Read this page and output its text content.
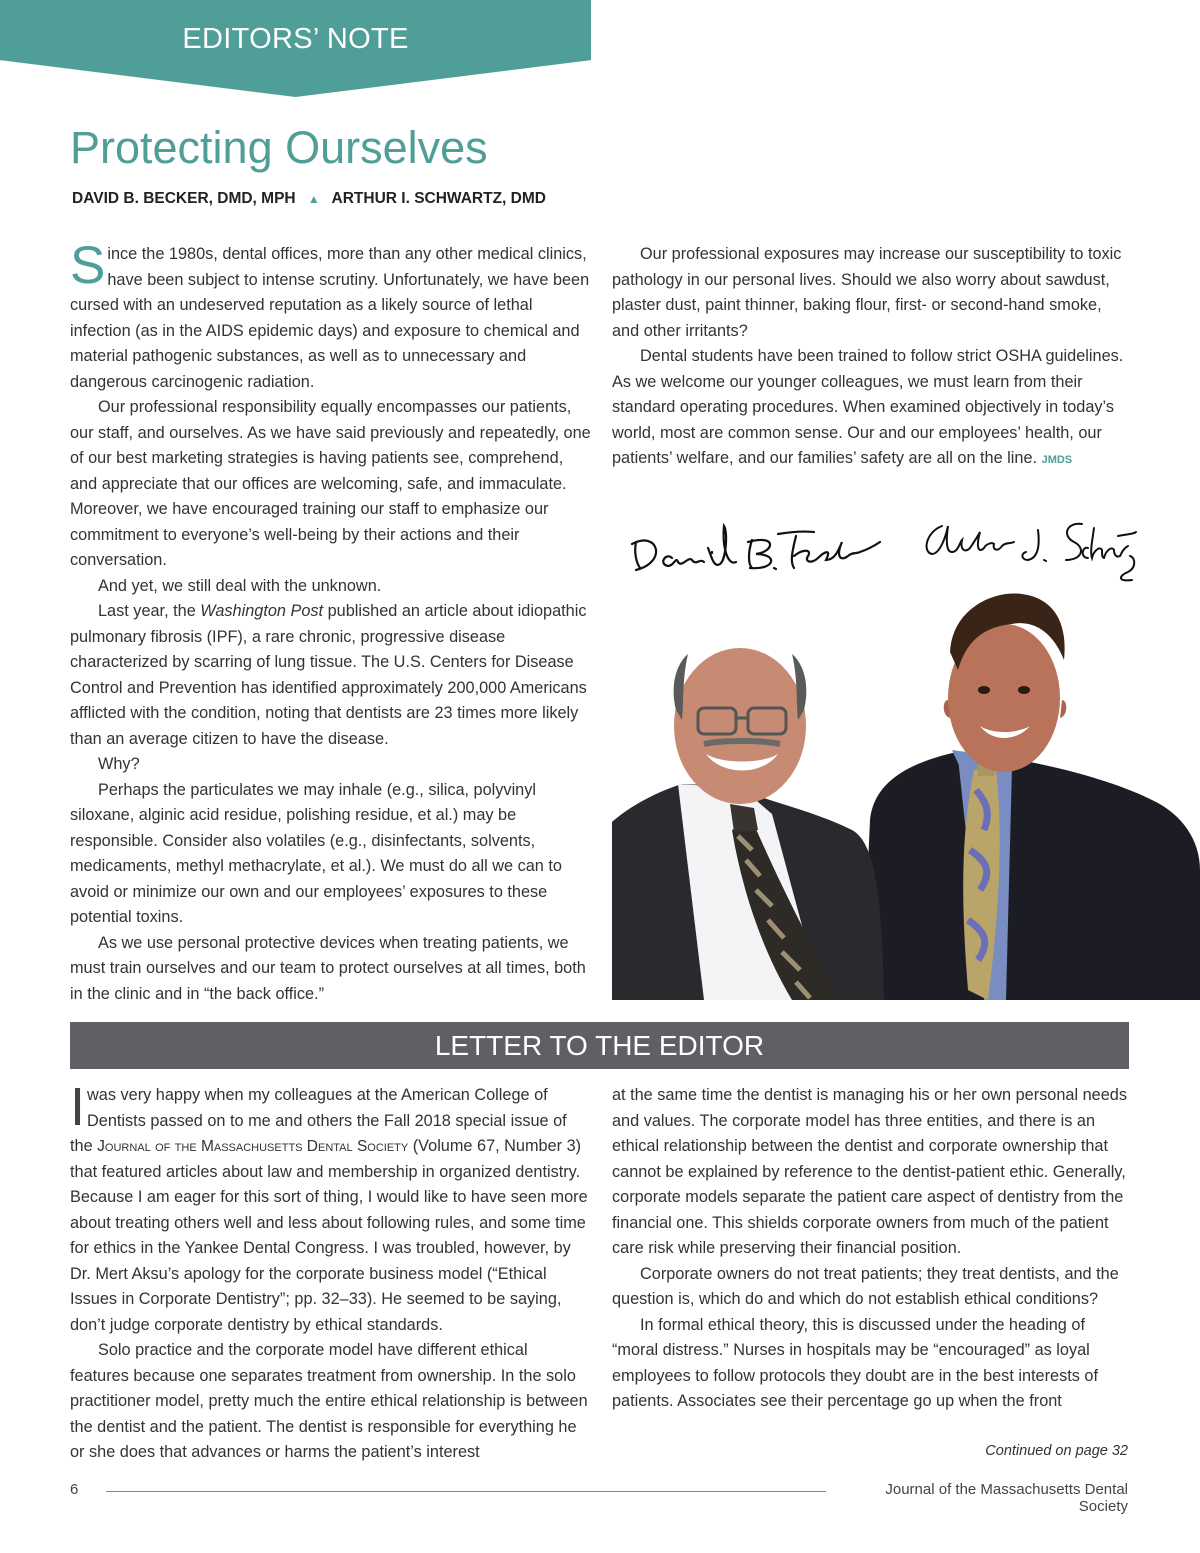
EDITORS’ NOTE
Protecting Ourselves
DAVID B. BECKER, DMD, MPH ▲ ARTHUR I. SCHWARTZ, DMD

Since the 1980s, dental offices, more than any other medical clinics, have been subject to intense scrutiny. Unfortunately, we have been cursed with an undeserved reputation as a likely source of lethal infection (as in the AIDS epidemic days) and exposure to chemical and material pathogenic substances, as well as to unnecessary and dangerous carcinogenic radiation.

Our professional responsibility equally encompasses our patients, our staff, and ourselves. As we have said previously and repeatedly, one of our best marketing strategies is having patients see, comprehend, and appreciate that our offices are welcoming, safe, and immaculate. Moreover, we have encouraged training our staff to emphasize our commitment to everyone’s well-being by their actions and their conversation.

And yet, we still deal with the unknown.

Last year, the Washington Post published an article about idiopathic pulmonary fibrosis (IPF), a rare chronic, progressive disease characterized by scarring of lung tissue. The U.S. Centers for Disease Control and Prevention has identified approximately 200,000 Americans afflicted with the condition, noting that dentists are 23 times more likely than an average citizen to have the disease.

Why?

Perhaps the particulates we may inhale (e.g., silica, polyvinyl siloxane, alginic acid residue, polishing residue, et al.) may be responsible. Consider also volatiles (e.g., disinfectants, solvents, medicaments, methyl methacrylate, et al.). We must do all we can to avoid or minimize our own and our employees’ exposures to these potential toxins.

As we use personal protective devices when treating patients, we must train ourselves and our team to protect ourselves at all times, both in the clinic and in “the back office.”

Our professional exposures may increase our susceptibility to toxic pathology in our personal lives. Should we also worry about sawdust, plaster dust, paint thinner, baking flour, first- or second-hand smoke, and other irritants?

Dental students have been trained to follow strict OSHA guidelines. As we welcome our younger colleagues, we must learn from their standard operating procedures. When examined objectively in today’s world, most are common sense. Our and our employees’ health, our patients’ welfare, and our families’ safety are all on the line. JMDS

LETTER TO THE EDITOR

I was very happy when my colleagues at the American College of Dentists passed on to me and others the Fall 2018 special issue of the Journal of the Massachusetts Dental Society (Volume 67, Number 3) that featured articles about law and membership in organized dentistry. Because I am eager for this sort of thing, I would like to have seen more about treating others well and less about following rules, and some time for ethics in the Yankee Dental Congress. I was troubled, however, by Dr. Mert Aksu’s apology for the corporate business model (“Ethical Issues in Corporate Dentistry”; pp. 32–33). He seemed to be saying, don’t judge corporate dentistry by ethical standards.

Solo practice and the corporate model have different ethical features because one separates treatment from ownership. In the solo practitioner model, pretty much the entire ethical relationship is between the dentist and the patient. The dentist is responsible for everything he or she does that advances or harms the patient’s interest

at the same time the dentist is managing his or her own personal needs and values. The corporate model has three entities, and there is an ethical relationship between the dentist and corporate ownership that cannot be explained by reference to the dentist-patient ethic. Generally, corporate models separate the patient care aspect of dentistry from the financial one. This shields corporate owners from much of the patient care risk while preserving their financial position.

Corporate owners do not treat patients; they treat dentists, and the question is, which do and which do not establish ethical conditions?

In formal ethical theory, this is discussed under the heading of “moral distress.” Nurses in hospitals may be “encouraged” as loyal employees to follow protocols they doubt are in the best interests of patients. Associates see their percentage go up when the front

Continued on page 32
6	Journal of the Massachusetts Dental Society
